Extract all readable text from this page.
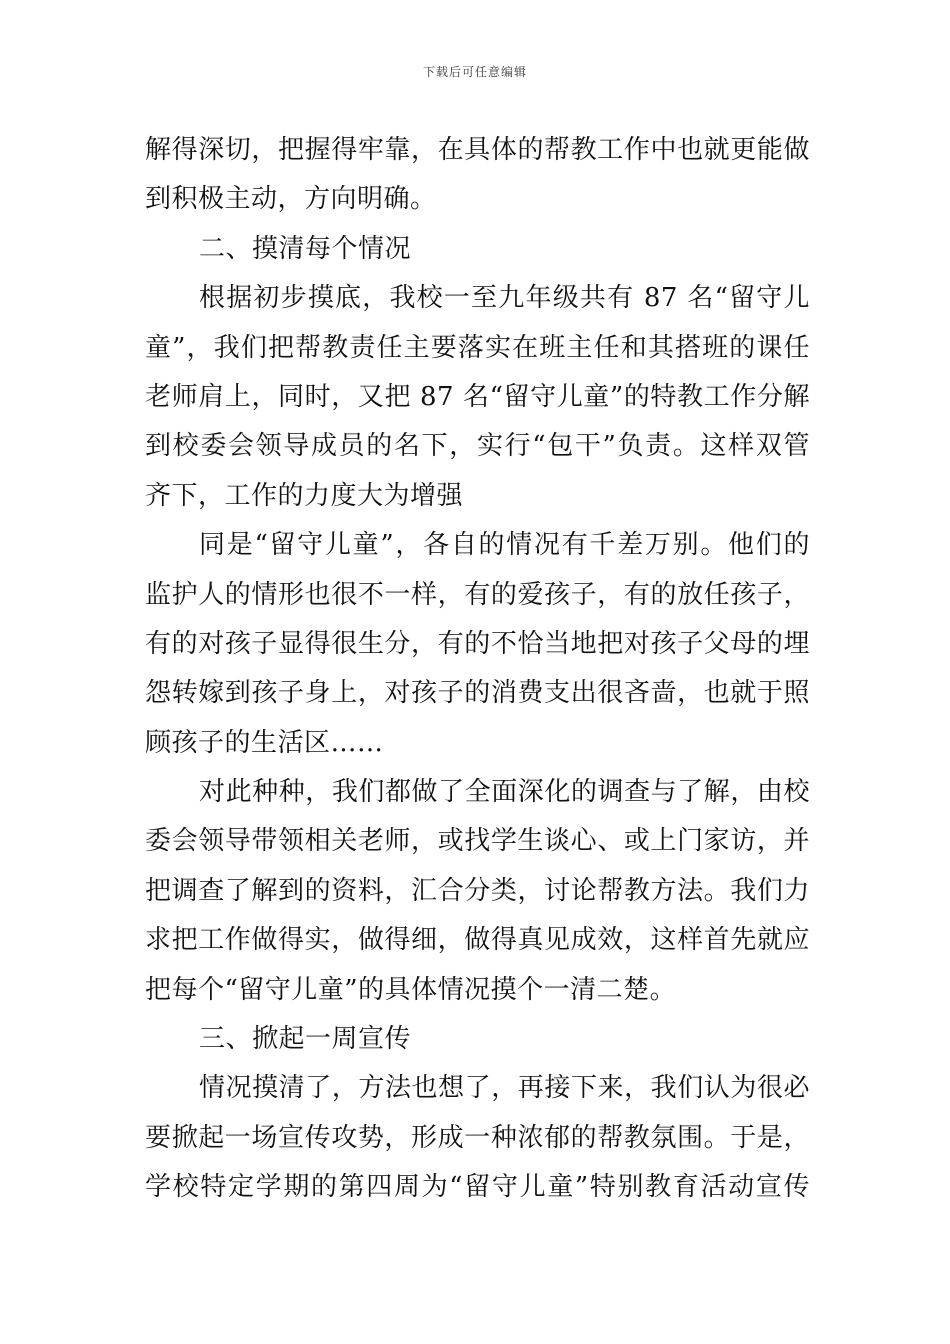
下载后可任意编辑
解得深切，把握得牢靠，在具体的帮教工作中也就更能做
到积极主动，方向明确。
二、摸清每个情况
根据初步摸底，我校一至九年级共有 87 名“留守儿
童”，我们把帮教责任主要落实在班主任和其搭班的课任
老师肩上，同时，又把 87 名“留守儿童”的特教工作分解
到校委会领导成员的名下，实行“包干”负责。这样双管
齐下，工作的力度大为增强
同是“留守儿童”，各自的情况有千差万别。他们的
监护人的情形也很不一样，有的爱孩子，有的放任孩子，
有的对孩子显得很生分，有的不恰当地把对孩子父母的埋
怨转嫁到孩子身上，对孩子的消费支出很吝啬，也就于照
顾孩子的生活区……
对此种种，我们都做了全面深化的调查与了解，由校
委会领导带领相关老师，或找学生谈心、或上门家访，并
把调查了解到的资料，汇合分类，讨论帮教方法。我们力
求把工作做得实，做得细，做得真见成效，这样首先就应
把每个“留守儿童”的具体情况摸个一清二楚。
三、掀起一周宣传
情况摸清了，方法也想了，再接下来，我们认为很必
要掀起一场宣传攻势，形成一种浓郁的帮教氛围。于是，
学校特定学期的第四周为“留守儿童”特别教育活动宣传
